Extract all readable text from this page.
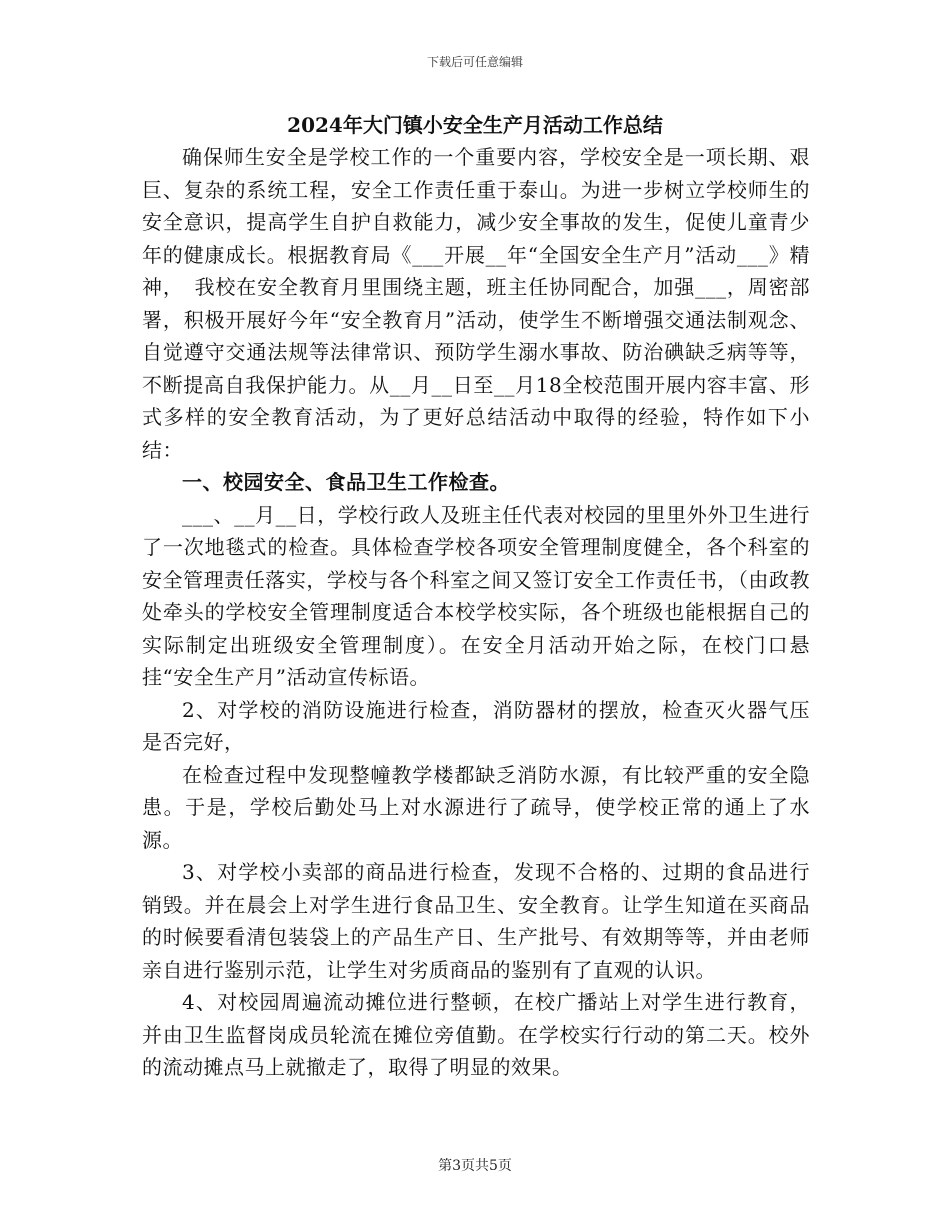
下载后可任意编辑
2024年大门镇小安全生产月活动工作总结

确保师生安全是学校工作的一个重要内容，学校安全是一项长期、艰巨、复杂的系统工程，安全工作责任重于泰山。为进一步树立学校师生的安全意识，提高学生自护自救能力，减少安全事故的发生，促使儿童青少年的健康成长。根据教育局《___开展__年“全国安全生产月”活动___》精神，　我校在安全教育月里围绕主题，班主任协同配合，加强___，周密部署，积极开展好今年“安全教育月”活动，使学生不断增强交通法制观念、自觉遵守交通法规等法律常识、预防学生溺水事故、防治碘缺乏病等等，不断提高自我保护能力。从__月__日至__月18全校范围开展内容丰富、形式多样的安全教育活动，为了更好总结活动中取得的经验，特作如下小结：

一、校园安全、食品卫生工作检查。

___、__月__日，学校行政人及班主任代表对校园的里里外外卫生进行了一次地毯式的检查。具体检查学校各项安全管理制度健全，各个科室的安全管理责任落实，学校与各个科室之间又签订安全工作责任书，（由政教处牵头的学校安全管理制度适合本校学校实际，各个班级也能根据自己的实际制定出班级安全管理制度）。在安全月活动开始之际，在校门口悬挂“安全生产月”活动宣传标语。

2、对学校的消防设施进行检查，消防器材的摆放，检查灭火器气压是否完好，

在检查过程中发现整幢教学楼都缺乏消防水源，有比较严重的安全隐患。于是，学校后勤处马上对水源进行了疏导，使学校正常的通上了水源。

3、对学校小卖部的商品进行检查，发现不合格的、过期的食品进行销毁。并在晨会上对学生进行食品卫生、安全教育。让学生知道在买商品的时候要看清包装袋上的产品生产日、生产批号、有效期等等，并由老师亲自进行鉴别示范，让学生对劣质商品的鉴别有了直观的认识。

4、对校园周遍流动摊位进行整顿，在校广播站上对学生进行教育，并由卫生监督岗成员轮流在摊位旁值勤。在学校实行行动的第二天。校外的流动摊点马上就撤走了，取得了明显的效果。

第3页共5页
